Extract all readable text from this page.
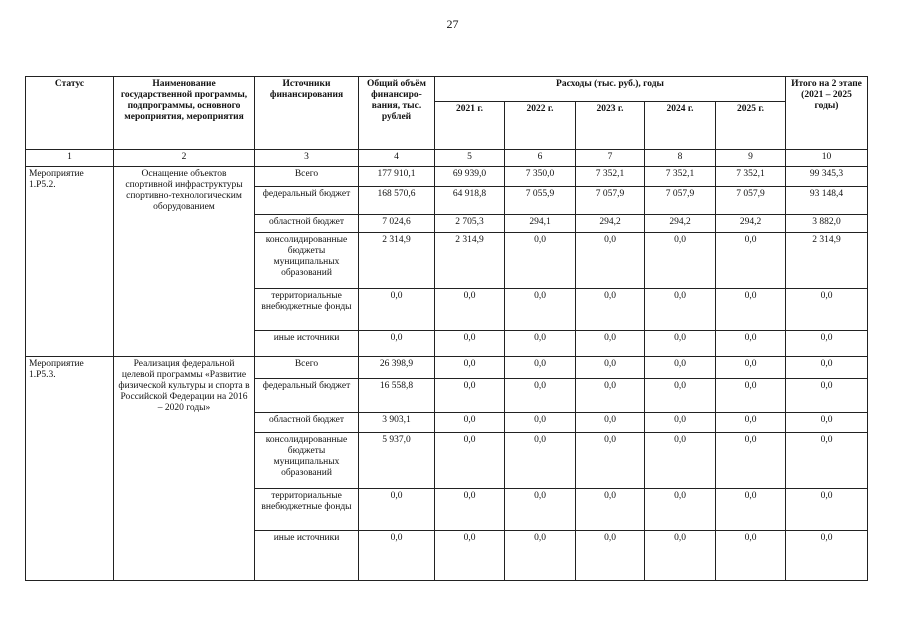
27
Статус	Наименование государственной программы, подпрограммы, основного мероприятия, мероприятия	Источники финансирования	Общий объём финансиро-вания, тыс. рублей	Расходы (тыс. руб.), годы					Итого на 2 этапе (2021 – 2025 годы)
				2021 г.	2022 г.	2023 г.	2024 г.	2025 г.	
1	2	3	4	5	6	7	8	9	10
Мероприятие 1.Р5.2.	Оснащение объектов спортивной инфраструктуры спортивно-технологическим оборудованием	Всего	177 910,1	69 939,0	7 350,0	7 352,1	7 352,1	7 352,1	99 345,3
		федеральный бюджет	168 570,6	64 918,8	7 055,9	7 057,9	7 057,9	7 057,9	93 148,4
		областной бюджет	7 024,6	2 705,3	294,1	294,2	294,2	294,2	3 882,0
		консолидированные бюджеты муниципальных образований	2 314,9	2 314,9	0,0	0,0	0,0	0,0	2 314,9
		территориальные внебюджетные фонды	0,0	0,0	0,0	0,0	0,0	0,0	0,0
		иные источники	0,0	0,0	0,0	0,0	0,0	0,0	0,0
Мероприятие 1.Р5.3.	Реализация федеральной целевой программы «Развитие физической культуры и спорта в Российской Федерации на 2016 – 2020 годы»	Всего	26 398,9	0,0	0,0	0,0	0,0	0,0	0,0
		федеральный бюджет	16 558,8	0,0	0,0	0,0	0,0	0,0	0,0
		областной бюджет	3 903,1	0,0	0,0	0,0	0,0	0,0	0,0
		консолидированные бюджеты муниципальных образований	5 937,0	0,0	0,0	0,0	0,0	0,0	0,0
		территориальные внебюджетные фонды	0,0	0,0	0,0	0,0	0,0	0,0	0,0
		иные источники	0,0	0,0	0,0	0,0	0,0	0,0	0,0
